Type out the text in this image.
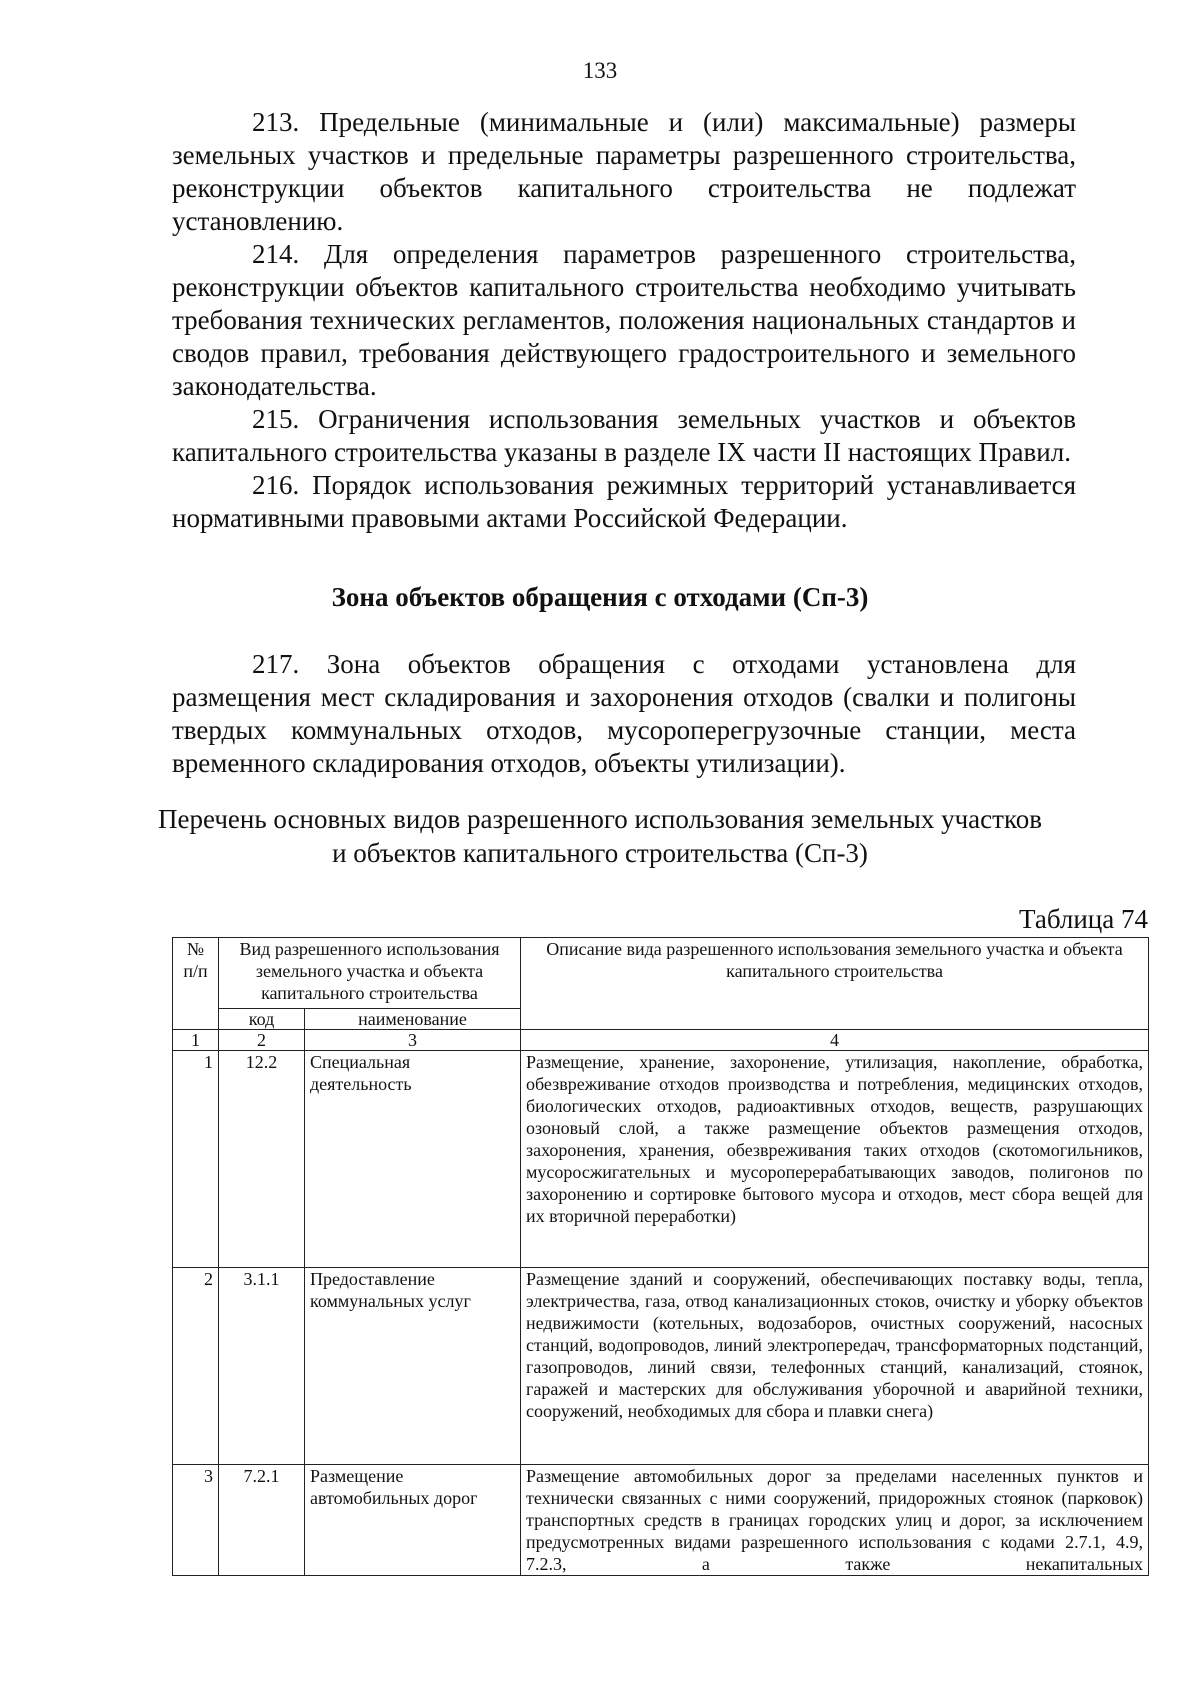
133

213. Предельные (минимальные и (или) максимальные) размеры земельных участков и предельные параметры разрешенного строительства, реконструкции объектов капитального строительства не подлежат установлению.

214. Для определения параметров разрешенного строительства, реконструкции объектов капитального строительства необходимо учитывать требования технических регламентов, положения национальных стандартов и сводов правил, требования действующего градостроительного и земельного законодательства.

215. Ограничения использования земельных участков и объектов капитального строительства указаны в разделе IX части II настоящих Правил.

216. Порядок использования режимных территорий устанавливается нормативными правовыми актами Российской Федерации.

Зона объектов обращения с отходами (Сп-3)

217. Зона объектов обращения с отходами установлена для размещения мест складирования и захоронения отходов (свалки и полигоны твердых коммунальных отходов, мусороперегрузочные станции, места временного складирования отходов, объекты утилизации).

Перечень основных видов разрешенного использования земельных участков
и объектов капитального строительства (Сп-3)
Таблица 74
№ п/п	Вид разрешенного использования земельного участка и объекта капитального строительства		Описание вида разрешенного использования земельного участка и объекта капитального строительства
	код	наименование	
1	2	3	4
1	12.2	Специальная деятельность	Размещение, хранение, захоронение, утилизация, накопление, обработка, обезвреживание отходов производства и потребления, медицинских отходов, биологических отходов, радиоактивных отходов, веществ, разрушающих озоновый слой, а также размещение объектов размещения отходов, захоронения, хранения, обезвреживания таких отходов (скотомогильников, мусоросжигательных и мусороперерабатывающих заводов, полигонов по захоронению и сортировке бытового мусора и отходов, мест сбора вещей для их вторичной переработки)
2	3.1.1	Предоставление коммунальных услуг	Размещение зданий и сооружений, обеспечивающих поставку воды, тепла, электричества, газа, отвод канализационных стоков, очистку и уборку объектов недвижимости (котельных, водозаборов, очистных сооружений, насосных станций, водопроводов, линий электропередач, трансформаторных подстанций, газопроводов, линий связи, телефонных станций, канализаций, стоянок, гаражей и мастерских для обслуживания уборочной и аварийной техники, сооружений, необходимых для сбора и плавки снега)
3	7.2.1	Размещение автомобильных дорог	Размещение автомобильных дорог за пределами населенных пунктов и технически связанных с ними сооружений, придорожных стоянок (парковок) транспортных средств в границах городских улиц и дорог, за исключением предусмотренных видами разрешенного использования с кодами 2.7.1, 4.9, 7.2.3, а также некапитальных
